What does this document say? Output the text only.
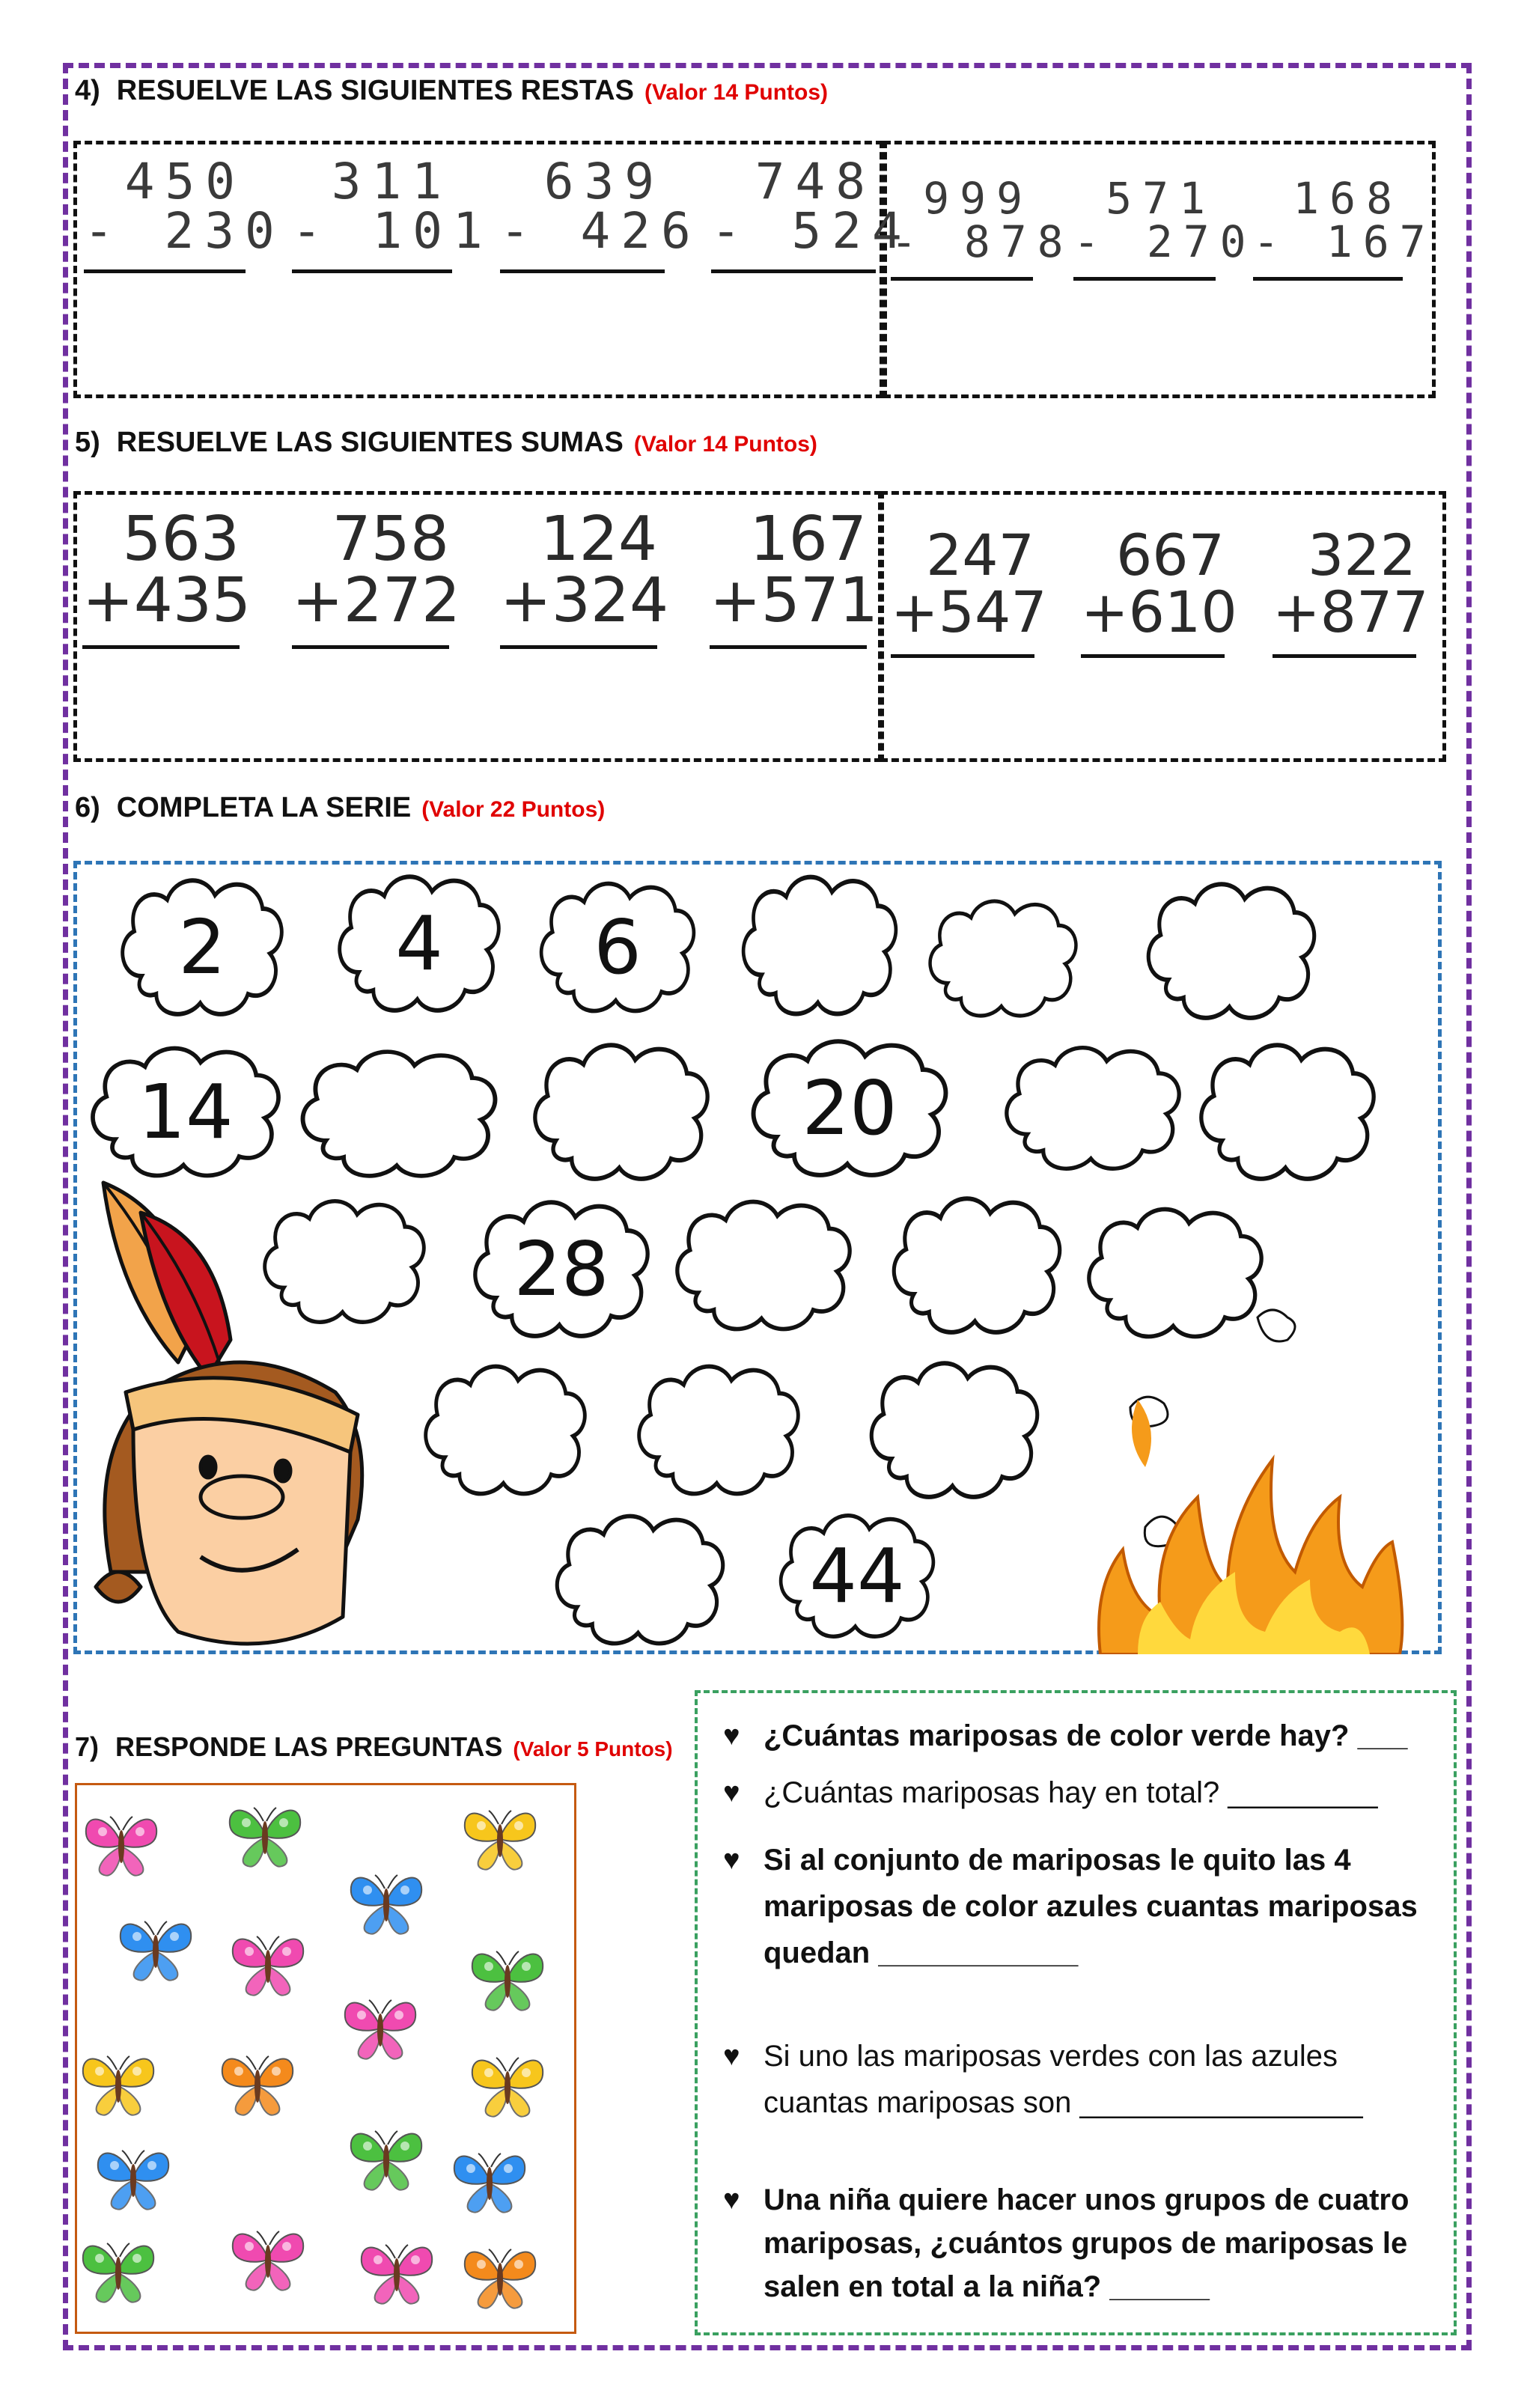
4) RESUELVE LAS SIGUIENTES RESTAS (Valor 14 Puntos)
450
- 230
311
- 101
639
- 426
748
- 524
999
- 878
571
- 270
168
- 167
5) RESUELVE LAS SIGUIENTES SUMAS (Valor 14 Puntos)
563
+435
758
+272
124
+324
167
+571
247
+547
667
+610
322
+877
6) COMPLETA LA SERIE (Valor 22 Puntos)
2	4	6
14	20
28
44
7) RESPONDE LAS PREGUNTAS (Valor 5 Puntos) ♥ ¿Cuántas mariposas de color verde hay? ___
♥ ¿Cuántas mariposas hay en total? _________
♥ Si al conjunto de mariposas le quito las 4 mariposas de color azules cuantas mariposas quedan ____________
♥ Si uno las mariposas verdes con las azules cuantas mariposas son _________________
♥ Una niña quiere hacer unos grupos de cuatro mariposas, ¿cuántos grupos de mariposas le salen en total a la niña? ______
